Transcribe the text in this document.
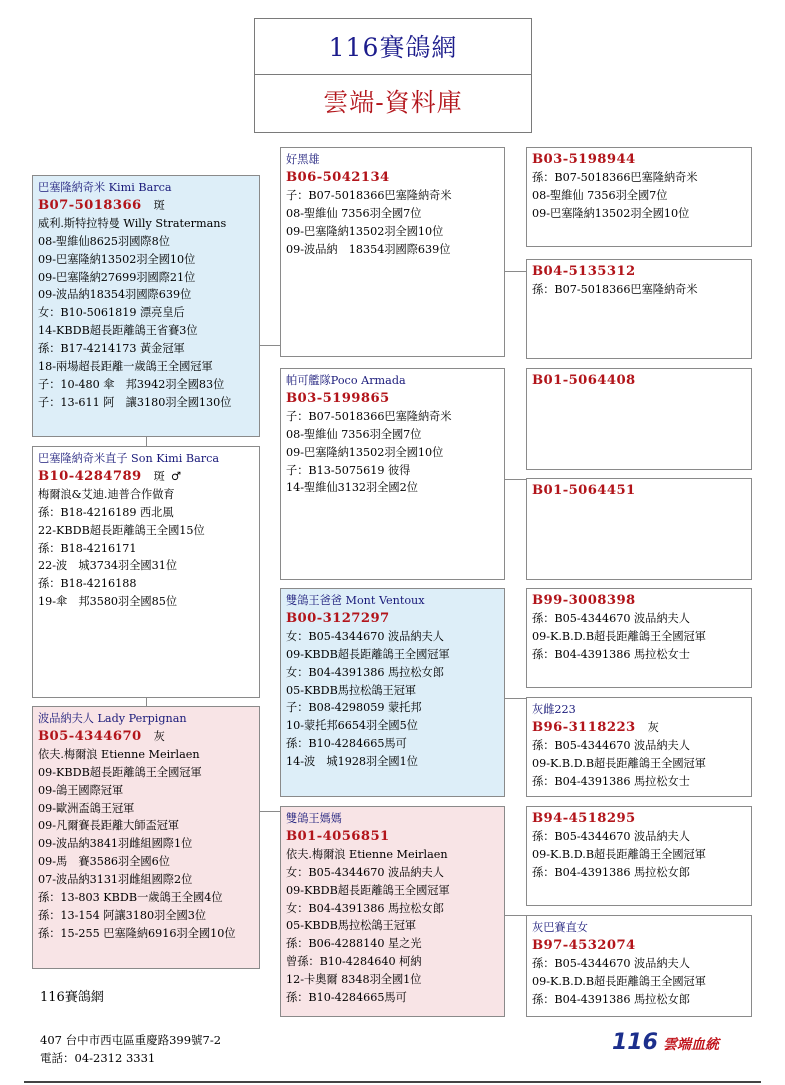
116賽鴿網
雲端-資料庫
巴塞隆納奇米 Kimi Barca
B07-5018366 斑
威利.斯特拉特曼 Willy Stratermans
08-聖維仙8625羽國際8位
09-巴塞隆納13502羽全國10位
09-巴塞隆納27699羽國際21位
09-波品納18354羽國際639位
女：B10-5061819 漂亮皇后
14-KBDB超長距離鴿王省賽3位
孫：B17-4214173 黃金冠軍
18-兩場超長距離一歲鴿王全國冠軍
子：10-480 傘　邦3942羽全國83位
子：13-611 阿　讓3180羽全國130位
巴塞隆納奇米直子 Son Kimi Barca
B10-4284789 斑 ♂
梅爾浪&艾迪.迪普合作做育
孫：B18-4216189 西北風
22-KBDB超長距離鴿王全國15位
孫：B18-4216171
22-波　城3734羽全國31位
孫：B18-4216188
19-傘　邦3580羽全國85位
波品納夫人 Lady Perpignan
B05-4344670 灰
依夫.梅爾浪 Etienne Meirlaen
09-KBDB超長距離鴿王全國冠軍
09-鴿王國際冠軍
09-歐洲盃鴿王冠軍
09-凡爾賽長距離大師盃冠軍
09-波品納3841羽雌組國際1位
09-馬　賽3586羽全國6位
07-波品納3131羽雌組國際2位
孫：13-803 KBDB一歲鴿王全國4位
孫：13-154 阿讓3180羽全國3位
孫：15-255 巴塞隆納6916羽全國10位
好黑雄
B06-5042134
子：B07-5018366巴塞隆納奇米
08-聖維仙 7356羽全國7位
09-巴塞隆納13502羽全國10位
09-波品納　18354羽國際639位
帕可艦隊Poco Armada
B03-5199865
子：B07-5018366巴塞隆納奇米
08-聖維仙 7356羽全國7位
09-巴塞隆納13502羽全國10位
子：B13-5075619 彼得
14-聖維仙3132羽全國2位
雙鴿王爸爸 Mont Ventoux
B00-3127297
女：B05-4344670 波品納夫人
09-KBDB超長距離鴿王全國冠軍
女：B04-4391386 馬拉松女郎
05-KBDB馬拉松鴿王冠軍
子：B08-4298059 蒙托邦
10-蒙托邦6654羽全國5位
孫：B10-4284665馬可
14-波　城1928羽全國1位
雙鴿王媽媽
B01-4056851
依夫.梅爾浪 Etienne Meirlaen
女：B05-4344670 波品納夫人
09-KBDB超長距離鴿王全國冠軍
女：B04-4391386 馬拉松女郎
05-KBDB馬拉松鴿王冠軍
孫：B06-4288140 星之光
曾孫：B10-4284640 柯納
12-卡奧爾 8348羽全國1位
孫：B10-4284665馬可
B03-5198944
孫：B07-5018366巴塞隆納奇米
08-聖維仙 7356羽全國7位
09-巴塞隆納13502羽全國10位
B04-5135312
孫：B07-5018366巴塞隆納奇米
B01-5064408
B01-5064451
B99-3008398
孫：B05-4344670 波品納夫人
09-K.B.D.B超長距離鴿王全國冠軍
孫：B04-4391386 馬拉松女士
灰雌223
B96-3118223 灰
孫：B05-4344670 波品納夫人
09-K.B.D.B超長距離鴿王全國冠軍
孫：B04-4391386 馬拉松女士
B94-4518295
孫：B05-4344670 波品納夫人
09-K.B.D.B超長距離鴿王全國冠軍
孫：B04-4391386 馬拉松女郎
灰巴賽直女
B97-4532074
孫：B05-4344670 波品納夫人
09-K.B.D.B超長距離鴿王全國冠軍
孫：B04-4391386 馬拉松女郎
116賽鴿網
407 台中市西屯區重慶路399號7-2
電話：04-2312 3331
116 雲端血統
